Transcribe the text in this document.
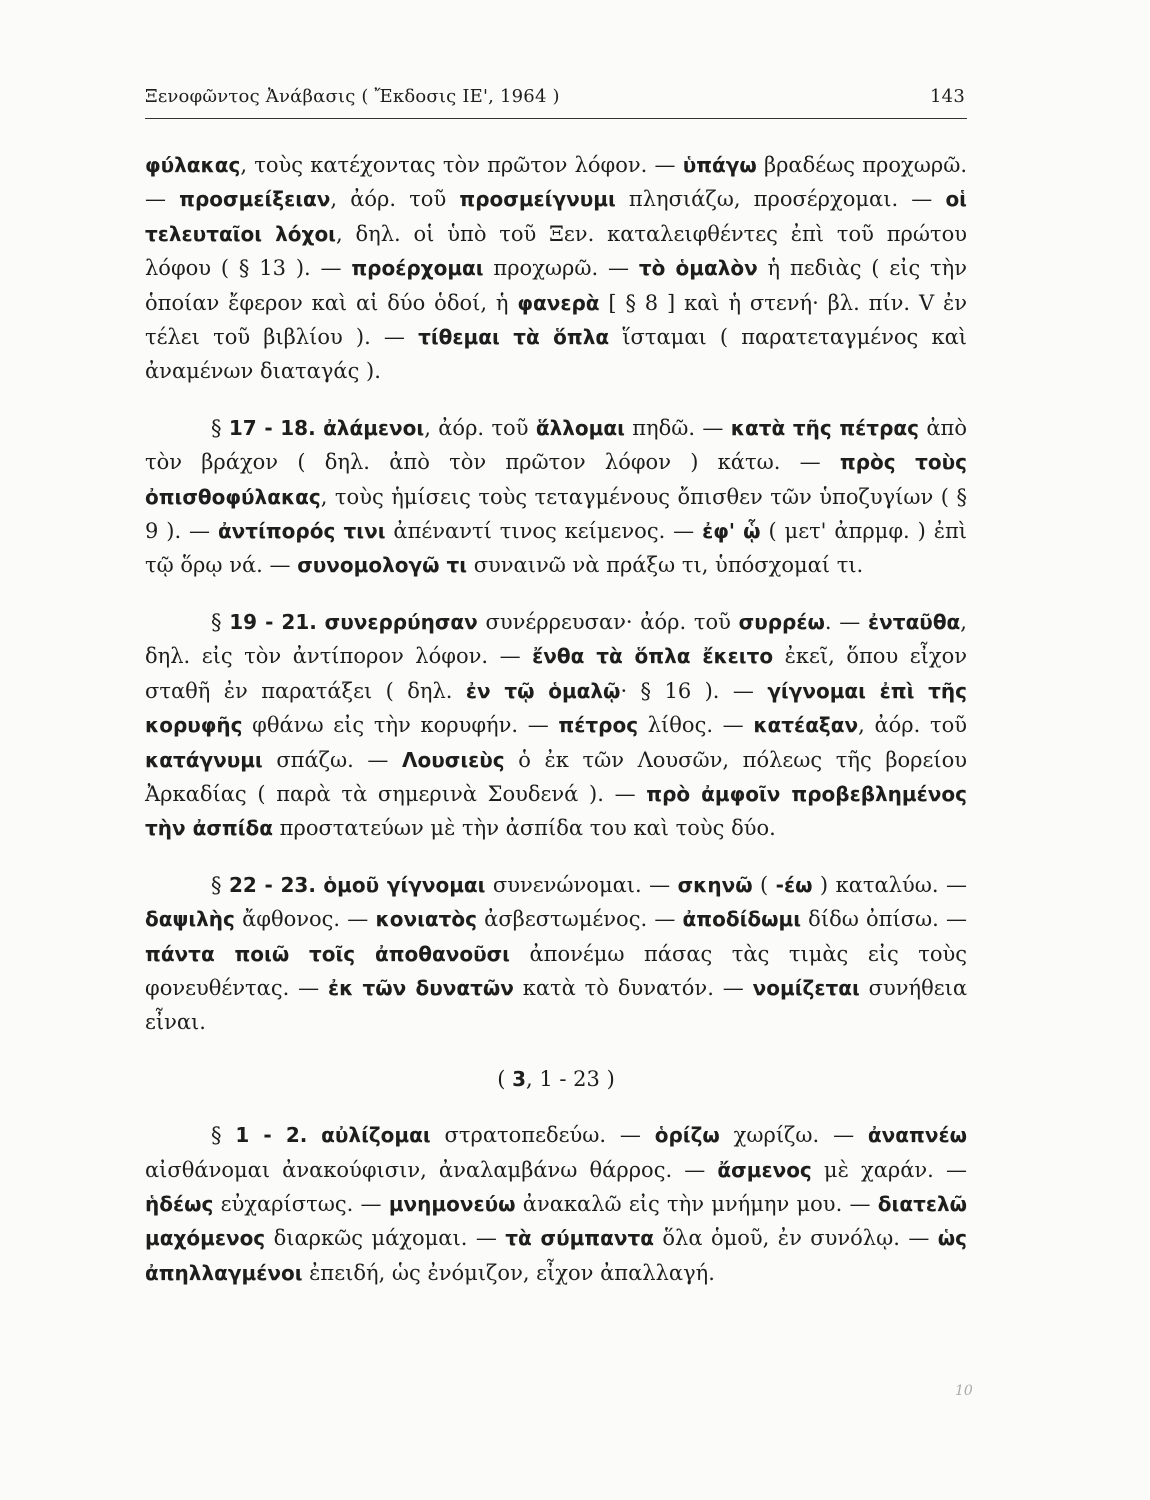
Ξενοφῶντος Ἀνάβασις ( Ἔκδοσις ΙΕ', 1964 )	143

φύλακας, τοὺς κατέχοντας τὸν πρῶτον λόφον. — ὑπάγω βραδέως προχωρῶ. — προσμείξειαν, ἀόρ. τοῦ προσμείγνυμι πλησιάζω, προσέρχομαι. — οἱ τελευταῖοι λόχοι, δηλ. οἱ ὑπὸ τοῦ Ξεν. καταλειφθέντες ἐπὶ τοῦ πρώτου λόφου ( § 13 ). — προέρχομαι προχωρῶ. — τὸ ὁμαλὸν ἡ πεδιὰς ( εἰς τὴν ὁποίαν ἔφερον καὶ αἱ δύο ὁδοί, ἡ φανερὰ [ § 8 ] καὶ ἡ στενή· βλ. πίν. V ἐν τέλει τοῦ βιβλίου ). — τίθεμαι τὰ ὅπλα ἵσταμαι ( παρατεταγμένος καὶ ἀναμένων διαταγάς ).

§ 17 - 18. ἀλάμενοι, ἀόρ. τοῦ ἅλλομαι πηδῶ. — κατὰ τῆς πέτρας ἀπὸ τὸν βράχον ( δηλ. ἀπὸ τὸν πρῶτον λόφον ) κάτω. — πρὸς τοὺς ὀπισθοφύλακας, τοὺς ἡμίσεις τοὺς τεταγμένους ὄπισθεν τῶν ὑποζυγίων ( § 9 ). — ἀντίπορός τινι ἀπέναντί τινος κείμενος. — ἐφ' ᾧ ( μετ' ἀπρμφ. ) ἐπὶ τῷ ὅρῳ νά. — συνομολογῶ τι συναινῶ νὰ πράξω τι, ὑπόσχομαί τι.

§ 19 - 21. συνερρύησαν συνέρρευσαν· ἀόρ. τοῦ συρρέω. — ἐνταῦθα, δηλ. εἰς τὸν ἀντίπορον λόφον. — ἔνθα τὰ ὅπλα ἔκειτο ἐκεῖ, ὅπου εἶχον σταθῆ ἐν παρατάξει ( δηλ. ἐν τῷ ὁμαλῷ· § 16 ). — γίγνομαι ἐπὶ τῆς κορυφῆς φθάνω εἰς τὴν κορυφήν. — πέτρος λίθος. — κατέαξαν, ἀόρ. τοῦ κατάγνυμι σπάζω. — Λουσιεὺς ὁ ἐκ τῶν Λουσῶν, πόλεως τῆς βορείου Ἀρκαδίας ( παρὰ τὰ σημερινὰ Σουδενά ). — πρὸ ἀμφοῖν προβεβλημένος τὴν ἀσπίδα προστατεύων μὲ τὴν ἀσπίδα του καὶ τοὺς δύο.

§ 22 - 23. ὁμοῦ γίγνομαι συνενώνομαι. — σκηνῶ ( -έω ) καταλύω. — δαψιλὴς ἄφθονος. — κονιατὸς ἀσβεστωμένος. — ἀποδίδωμι δίδω ὀπίσω. — πάντα ποιῶ τοῖς ἀποθανοῦσι ἀπονέμω πάσας τὰς τιμὰς εἰς τοὺς φονευθέντας. — ἐκ τῶν δυνατῶν κατὰ τὸ δυνατόν. — νομίζεται συνήθεια εἶναι.

( 3, 1 - 23 )

§ 1 - 2. αὐλίζομαι στρατοπεδεύω. — ὁρίζω χωρίζω. — ἀναπνέω αἰσθάνομαι ἀνακούφισιν, ἀναλαμβάνω θάρρος. — ἄσμενος μὲ χαράν. — ἡδέως εὐχαρίστως. — μνημονεύω ἀνακαλῶ εἰς τὴν μνήμην μου. — διατελῶ μαχόμενος διαρκῶς μάχομαι. — τὰ σύμπαντα ὅλα ὁμοῦ, ἐν συνόλῳ. — ὡς ἀπηλλαγμένοι ἐπειδή, ὡς ἐνόμιζον, εἶχον ἀπαλλαγή.

10
